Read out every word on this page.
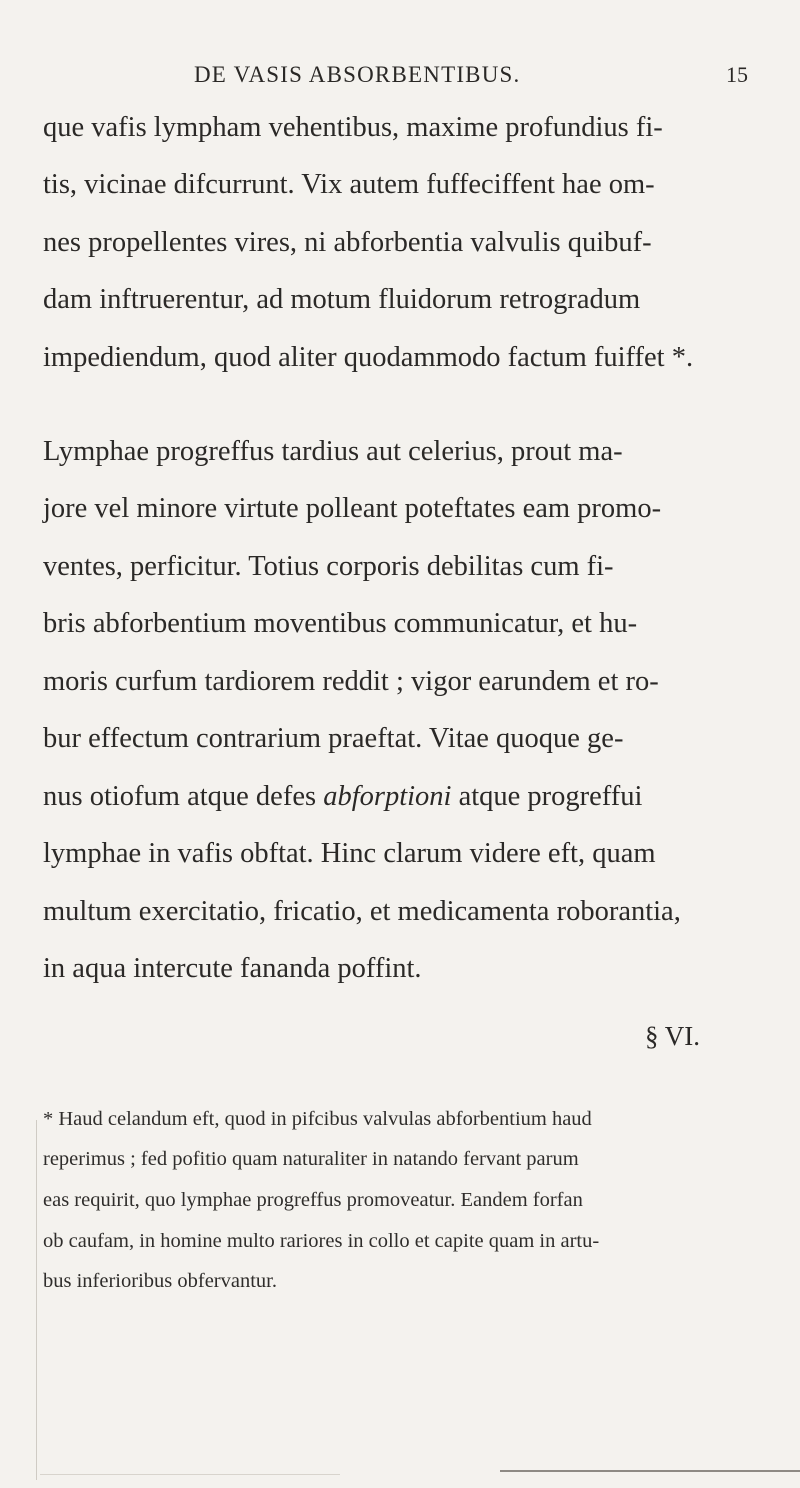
DE VASIS ABSORBENTIBUS.	15
que vafis lympham vehentibus, maxime profundius fi-
tis, vicinae difcurrunt. Vix autem fuffeciffent hae om-
nes propellentes vires, ni abforbentia valvulis quibuf-
dam inftruerentur, ad motum fluidorum retrogradum
impediendum, quod aliter quodammodo factum fuiffet *.
Lymphae progreffus tardius aut celerius, prout ma-
jore vel minore virtute polleant poteftates eam promo-
ventes, perficitur. Totius corporis debilitas cum fi-
bris abforbentium moventibus communicatur, et hu-
moris curfum tardiorem reddit ; vigor earundem et ro-
bur effectum contrarium praeftat. Vitae quoque ge-
nus otiofum atque defes abforptioni atque progreffui
lymphae in vafis obftat. Hinc clarum videre eft, quam
multum exercitatio, fricatio, et medicamenta roborantia,
in aqua intercute fananda poffint.
§ VI.
* Haud celandum eft, quod in pifcibus valvulas abforbentium haud
reperimus ; fed pofitio quam naturaliter in natando fervant parum
eas requirit, quo lymphae progreffus promoveatur. Eandem forfan
ob caufam, in homine multo rariores in collo et capite quam in artu-
bus inferioribus obfervantur.
